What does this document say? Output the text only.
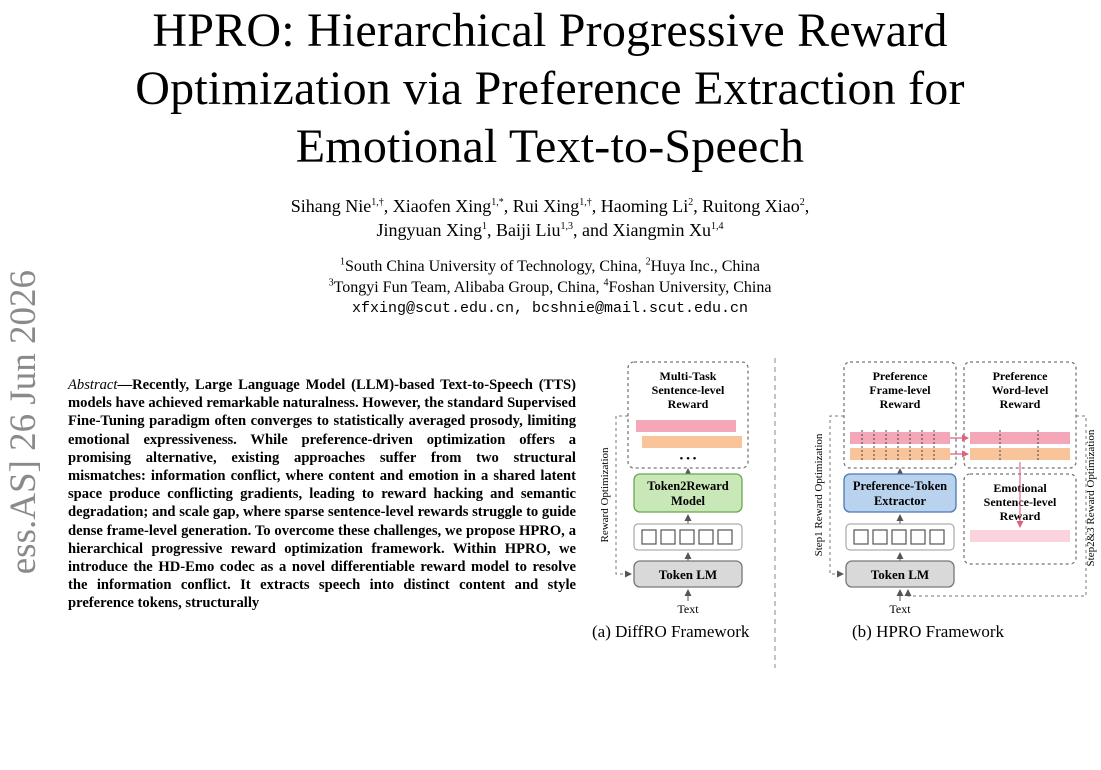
HPRO: Hierarchical Progressive Reward
Optimization via Preference Extraction for
Emotional Text-to-Speech
Sihang Nie$^{1,\dagger}$, Xiaofen Xing$^{1,*}$, Rui Xing$^{1,\dagger}$, Haoming Li$^2$, Ruitong Xiao$^2$,
Jingyuan Xing$^1$, Baiji Liu$^{1,3}$, and Xiangmin Xu$^{1,4}$
$^1$South China University of Technology, China, $^2$Huya Inc., China
$^3$Tongyi Fun Team, Alibaba Group, China, $^4$Foshan University, China
xfxing@scut.edu.cn, bcshnie@mail.scut.edu.cn
ess.AS] 26 Jun 2026 Abstract—Recently, Large Language Model (LLM)-based Text-to-Speech (TTS) models have achieved remarkable naturalness. However, the standard Supervised Fine-Tuning paradigm often converges to statistically averaged prosody, limiting emotional expressiveness. While preference-driven optimization offers a promising alternative, existing approaches suffer from two structural mismatches: information conflict, where content and emotion in a shared latent space produce conflicting gradients, leading to reward hacking and semantic degradation; and scale gap, where sparse sentence-level rewards struggle to guide dense frame-level generation. To overcome these challenges, we propose HPRO, a hierarchical progressive reward optimization framework. Within HPRO, we introduce the HD-Emo codec as a novel differentiable reward model to resolve the information conflict. It extracts speech into distinct content and style preference tokens, structurally

Multi-Task
Sentence-level
Reward
• • •
Token2Reward
Model
Token LM
Text
Reward Optimization
Preference
Frame-level
Reward
Preference
Word-level
Reward
Emotional
Sentence-level
Reward
Preference-Token
Extractor
Token LM
Text
Step1 Reward Optimization	Step2&3 Reward Optimization
(a) DiffRO Framework	(b) HPRO Framework
